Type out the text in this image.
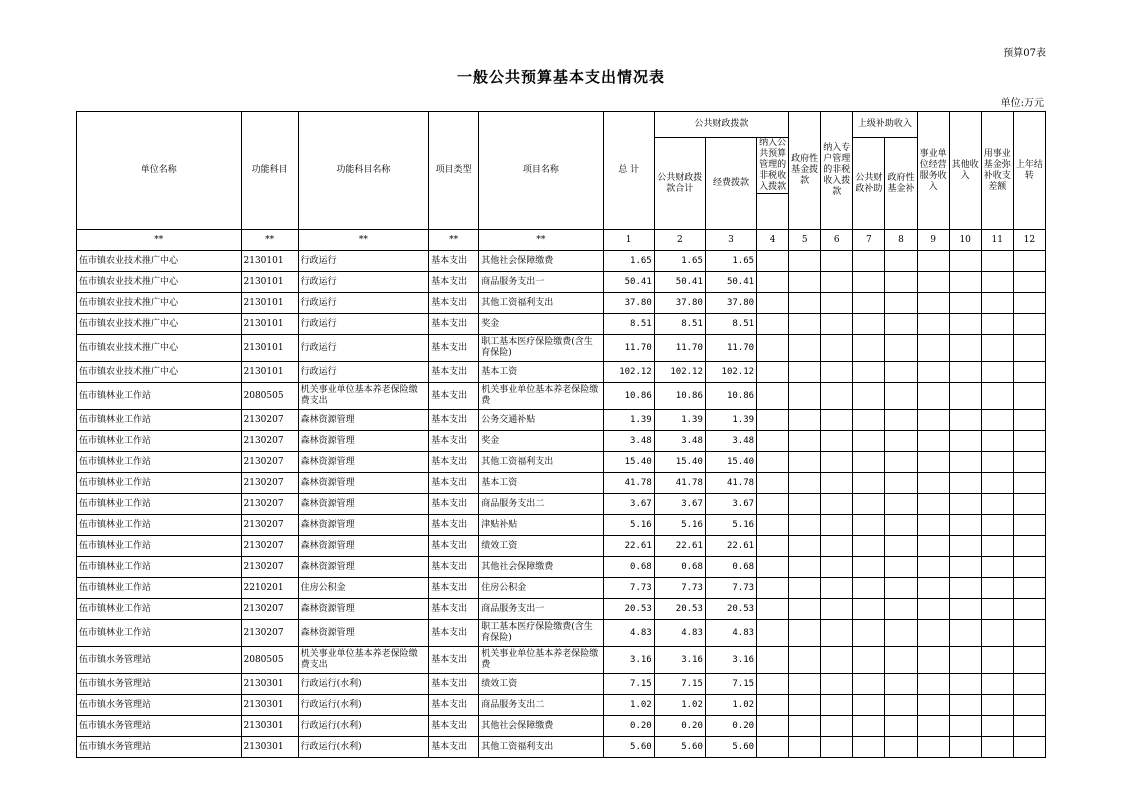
预算07表
一般公共预算基本支出情况表
单位:万元
单位名称	功能科目	功能科目名称	项目类型	项目名称	总 计	公共财政拨款			政府性基金拨款	纳入专户管理的非税收入拨款	上级补助收入		事业单位经营服务收入	其他收入	用事业基金弥补收支差额	上年结转
						公共财政拨款合计	经费拨款	纳入公共预算管理的非税收入拨款			公共财政补助	政府性基金补				

**	**	**	**	**	1	2	3	4	5	6	7	8	9	10	11	12
伍市镇农业技术推广中心	2130101	行政运行	基本支出	其他社会保障缴费	1.65	1.65	1.65									
伍市镇农业技术推广中心	2130101	行政运行	基本支出	商品服务支出一	50.41	50.41	50.41									
伍市镇农业技术推广中心	2130101	行政运行	基本支出	其他工资福利支出	37.80	37.80	37.80									
伍市镇农业技术推广中心	2130101	行政运行	基本支出	奖金	8.51	8.51	8.51									
伍市镇农业技术推广中心	2130101	行政运行	基本支出	职工基本医疗保险缴费(含生育保险)	11.70	11.70	11.70									
伍市镇农业技术推广中心	2130101	行政运行	基本支出	基本工资	102.12	102.12	102.12									
伍市镇林业工作站	2080505	机关事业单位基本养老保险缴费支出	基本支出	机关事业单位基本养老保险缴费	10.86	10.86	10.86									
伍市镇林业工作站	2130207	森林资源管理	基本支出	公务交通补贴	1.39	1.39	1.39									
伍市镇林业工作站	2130207	森林资源管理	基本支出	奖金	3.48	3.48	3.48									
伍市镇林业工作站	2130207	森林资源管理	基本支出	其他工资福利支出	15.40	15.40	15.40									
伍市镇林业工作站	2130207	森林资源管理	基本支出	基本工资	41.78	41.78	41.78									
伍市镇林业工作站	2130207	森林资源管理	基本支出	商品服务支出二	3.67	3.67	3.67									
伍市镇林业工作站	2130207	森林资源管理	基本支出	津贴补贴	5.16	5.16	5.16									
伍市镇林业工作站	2130207	森林资源管理	基本支出	绩效工资	22.61	22.61	22.61									
伍市镇林业工作站	2130207	森林资源管理	基本支出	其他社会保障缴费	0.68	0.68	0.68									
伍市镇林业工作站	2210201	住房公积金	基本支出	住房公积金	7.73	7.73	7.73									
伍市镇林业工作站	2130207	森林资源管理	基本支出	商品服务支出一	20.53	20.53	20.53									
伍市镇林业工作站	2130207	森林资源管理	基本支出	职工基本医疗保险缴费(含生育保险)	4.83	4.83	4.83									
伍市镇水务管理站	2080505	机关事业单位基本养老保险缴费支出	基本支出	机关事业单位基本养老保险缴费	3.16	3.16	3.16									
伍市镇水务管理站	2130301	行政运行(水利)	基本支出	绩效工资	7.15	7.15	7.15									
伍市镇水务管理站	2130301	行政运行(水利)	基本支出	商品服务支出二	1.02	1.02	1.02									
伍市镇水务管理站	2130301	行政运行(水利)	基本支出	其他社会保障缴费	0.20	0.20	0.20									
伍市镇水务管理站	2130301	行政运行(水利)	基本支出	其他工资福利支出	5.60	5.60	5.60									
